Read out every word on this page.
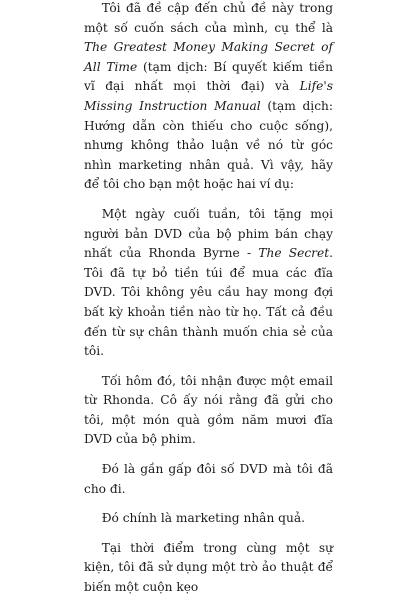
Tôi đã đề cập đến chủ đề này trong một số cuốn sách của mình, cụ thể là The Greatest Money Making Secret of All Time (tạm dịch: Bí quyết kiếm tiền vĩ đại nhất mọi thời đại) và Life's Missing Instruction Manual (tạm dịch: Hướng dẫn còn thiếu cho cuộc sống), nhưng không thảo luận về nó từ góc nhìn marketing nhân quả. Vì vậy, hãy để tôi cho bạn một hoặc hai ví dụ:

Một ngày cuối tuần, tôi tặng mọi người bản DVD của bộ phim bán chạy nhất của Rhonda Byrne - The Secret. Tôi đã tự bỏ tiền túi để mua các đĩa DVD. Tôi không yêu cầu hay mong đợi bất kỳ khoản tiền nào từ họ. Tất cả đều đến từ sự chân thành muốn chia sẻ của tôi.

Tối hôm đó, tôi nhận được một email từ Rhonda. Cô ấy nói rằng đã gửi cho tôi, một món quà gồm năm mươi đĩa DVD của bộ phim.

Đó là gần gấp đôi số DVD mà tôi đã cho đi.

Đó chính là marketing nhân quả.

Tại thời điểm trong cùng một sự kiện, tôi đã sử dụng một trò ảo thuật để biến một cuộn kẹo
